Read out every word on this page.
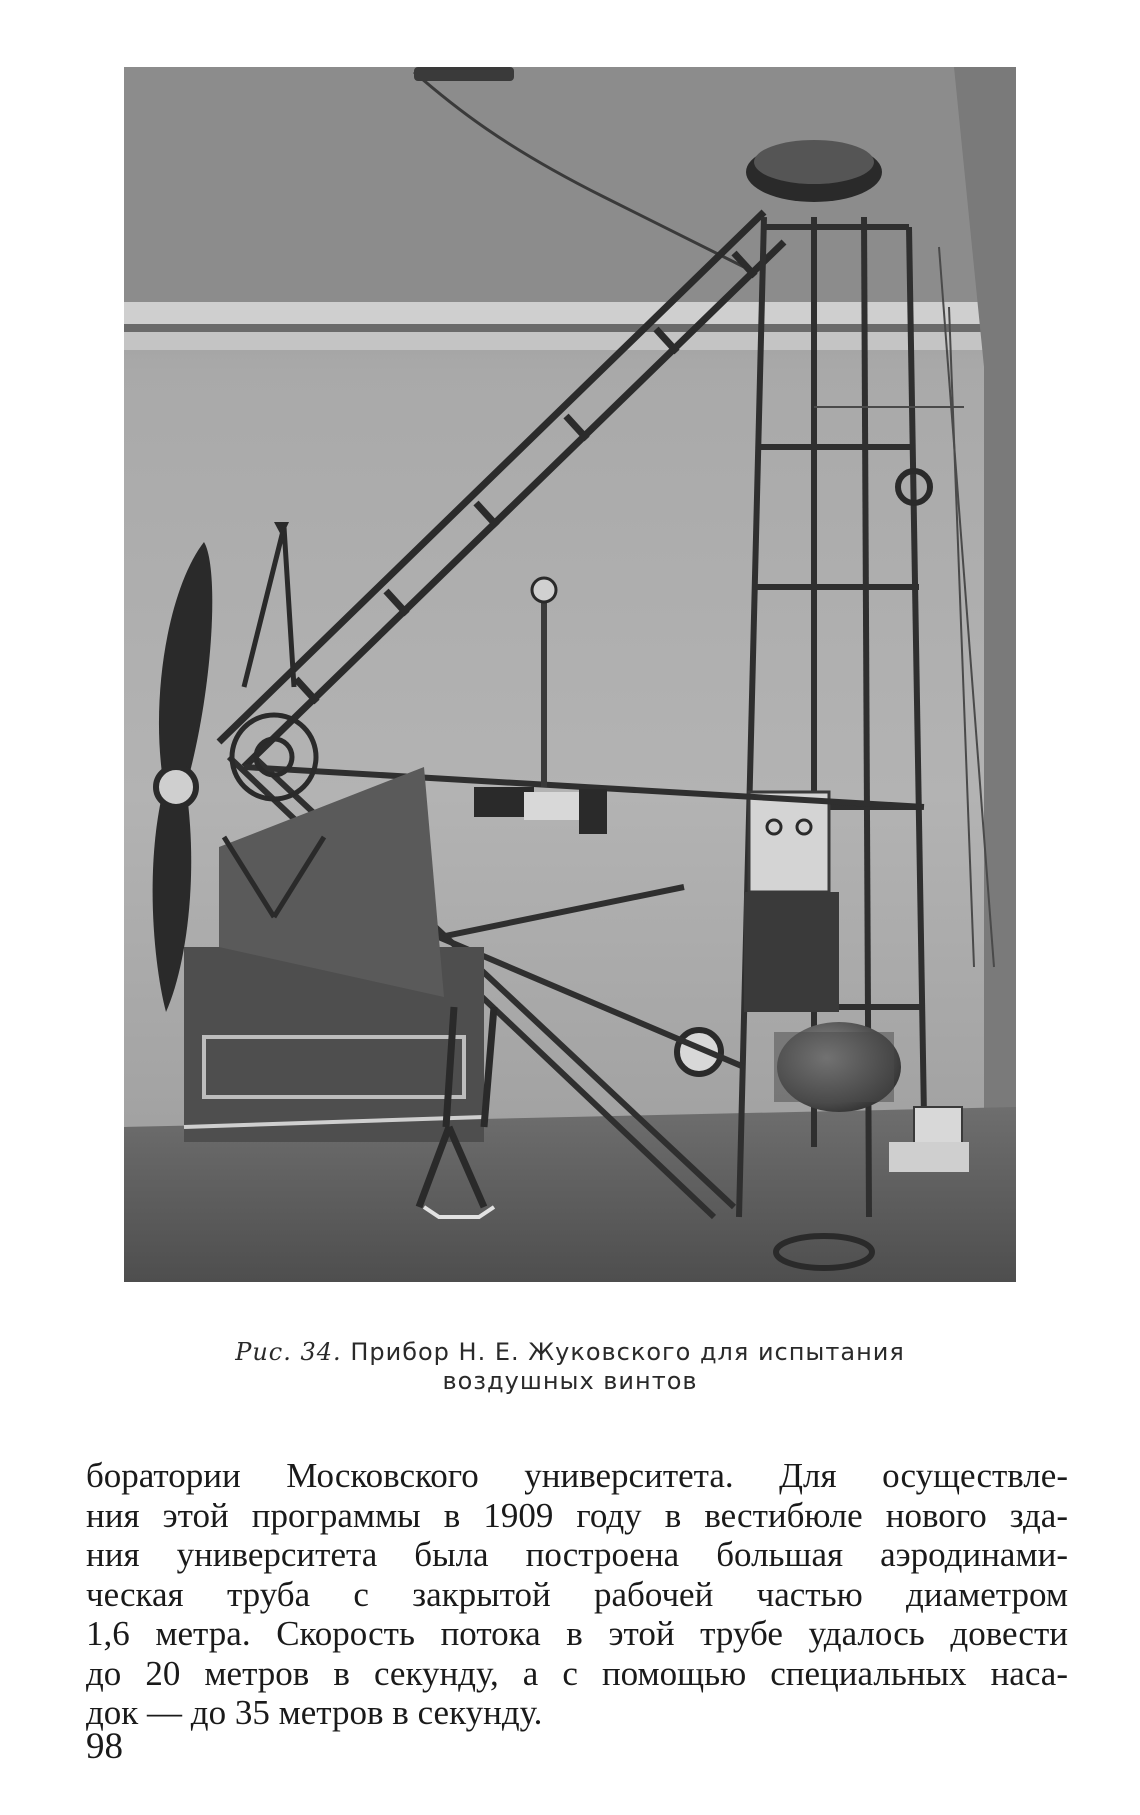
Рис. 34. Прибор Н. Е. Жуковского для испытания
воздушных винтов
боратории Московского университета. Для осуществле-
ния этой программы в 1909 году в вестибюле нового зда-
ния университета была построена большая аэродинами-
ческая труба с закрытой рабочей частью диаметром
1,6 метра. Скорость потока в этой трубе удалось довести
до 20 метров в секунду, а с помощью специальных наса-
док — до 35 метров в секунду.
98
